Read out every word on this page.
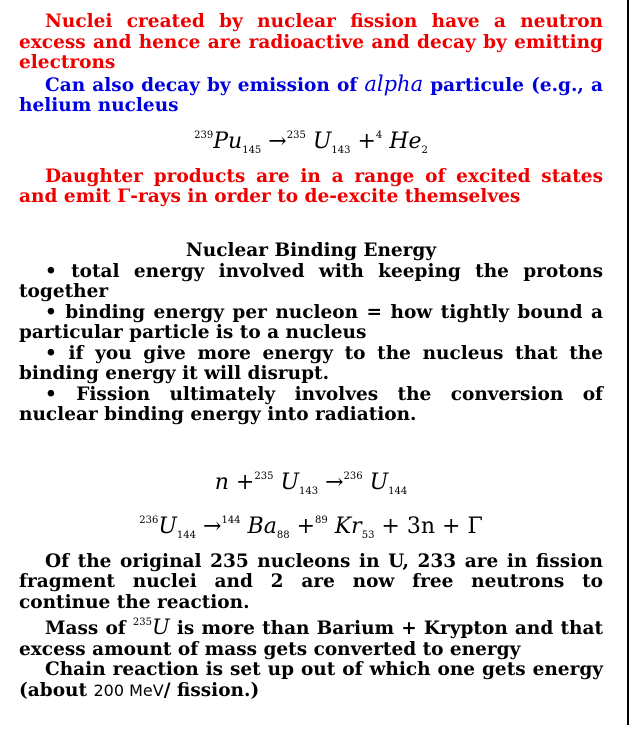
Nuclei created by nuclear fission have a neutron excess and hence are radioactive and decay by emitting electrons

Can also decay by emission of alpha particule (e.g., a helium nucleus

$^{239}Pu_{145} \to^{235}$ $U_{143} +^4$ $He_2$

Daughter products are in a range of excited states and emit Γ-rays in order to de-excite themselves

Nuclear Binding Energy

• total energy involved with keeping the protons together

• binding energy per nucleon = how tightly bound a particular particle is to a nucleus

• if you give more energy to the nucleus that the binding energy it will disrupt.

• Fission ultimately involves the conversion of nuclear binding energy into radiation.

n +$^{235}$ $U_{143} \to^{236}$ $U_{144}$

$^{236}U_{144} \to^{144}$ $Ba_{88} +^{89}$ $Kr_{53} + 3n + \Gamma$

Of the original 235 nucleons in U, 233 are in fission fragment nuclei and 2 are now free neutrons to continue the reaction.

Mass of $^{235}$U is more than Barium + Krypton and that excess amount of mass gets converted to energy

Chain reaction is set up out of which one gets energy (about 200 MeV/ fission.)
